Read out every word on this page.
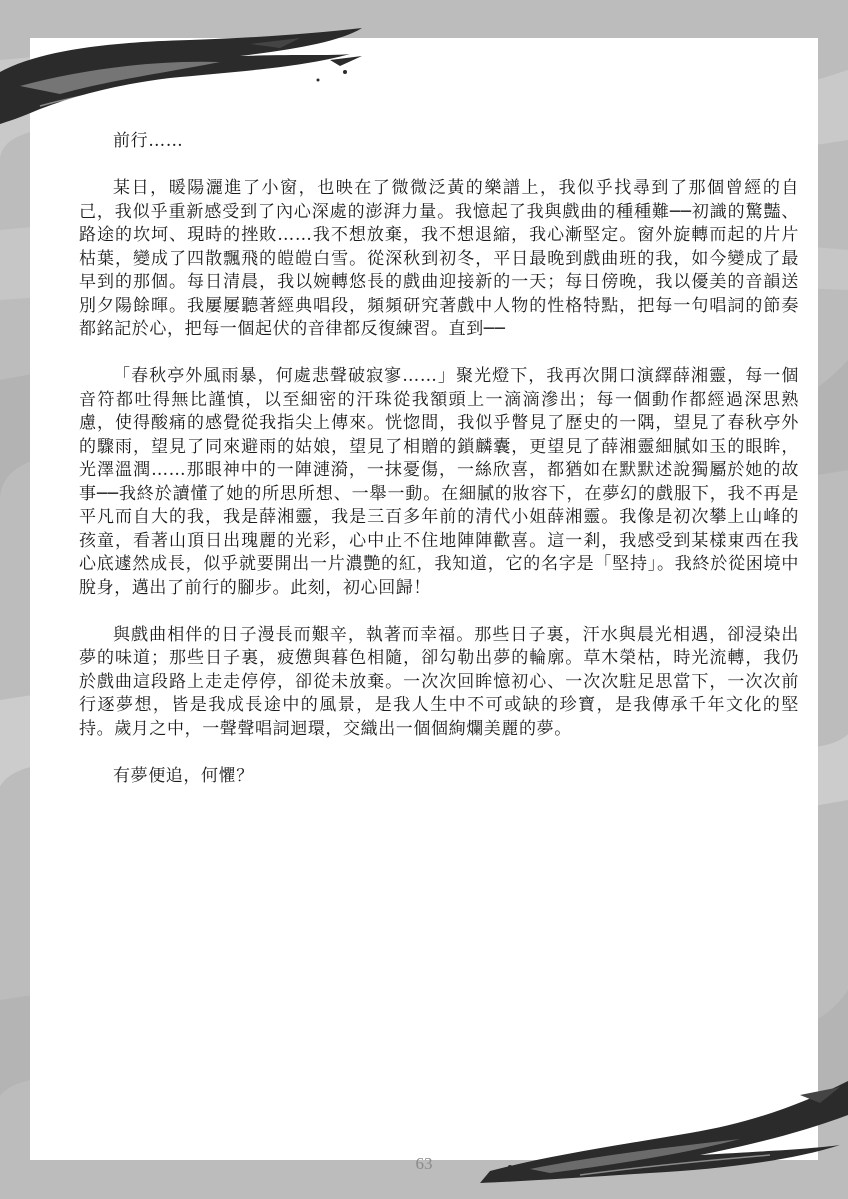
前行……

某日，暖陽灑進了小窗，也映在了微微泛黃的樂譜上，我似乎找尋到了那個曾經的自己，我似乎重新感受到了內心深處的澎湃力量。我憶起了我與戲曲的種種難──初識的驚豔、路途的坎坷、現時的挫敗……我不想放棄，我不想退縮，我心漸堅定。窗外旋轉而起的片片枯葉，變成了四散飄飛的皚皚白雪。從深秋到初冬，平日最晚到戲曲班的我，如今變成了最早到的那個。每日清晨，我以婉轉悠長的戲曲迎接新的一天；每日傍晚，我以優美的音韻送別夕陽餘暉。我屢屢聽著經典唱段，頻頻研究著戲中人物的性格特點，把每一句唱詞的節奏都銘記於心，把每一個起伏的音律都反復練習。直到──

「春秋亭外風雨暴，何處悲聲破寂寥……」聚光燈下，我再次開口演繹薛湘靈，每一個音符都吐得無比謹慎，以至細密的汗珠從我額頭上一滴滴滲出；每一個動作都經過深思熟慮，使得酸痛的感覺從我指尖上傳來。恍惚間，我似乎瞥見了歷史的一隅，望見了春秋亭外的驟雨，望見了同來避雨的姑娘，望見了相贈的鎖麟囊，更望見了薛湘靈細膩如玉的眼眸，光澤溫潤……那眼神中的一陣漣漪，一抹憂傷，一絲欣喜，都猶如在默默述說獨屬於她的故事──我終於讀懂了她的所思所想、一舉一動。在細膩的妝容下，在夢幻的戲服下，我不再是平凡而自大的我，我是薛湘靈，我是三百多年前的清代小姐薛湘靈。我像是初次攀上山峰的孩童，看著山頂日出瑰麗的光彩，心中止不住地陣陣歡喜。這一剎，我感受到某樣東西在我心底遽然成長，似乎就要開出一片濃艷的紅，我知道，它的名字是「堅持」。我終於從困境中脫身，邁出了前行的腳步。此刻，初心回歸！

與戲曲相伴的日子漫長而艱辛，執著而幸福。那些日子裏，汗水與晨光相遇，卻浸染出夢的味道；那些日子裏，疲憊與暮色相隨，卻勾勒出夢的輪廓。草木榮枯，時光流轉，我仍於戲曲這段路上走走停停，卻從未放棄。一次次回眸憶初心、一次次駐足思當下，一次次前行逐夢想，皆是我成長途中的風景，是我人生中不可或缺的珍寶，是我傳承千年文化的堅持。歲月之中，一聲聲唱詞迴環，交織出一個個絢爛美麗的夢。

有夢便追，何懼？

63
